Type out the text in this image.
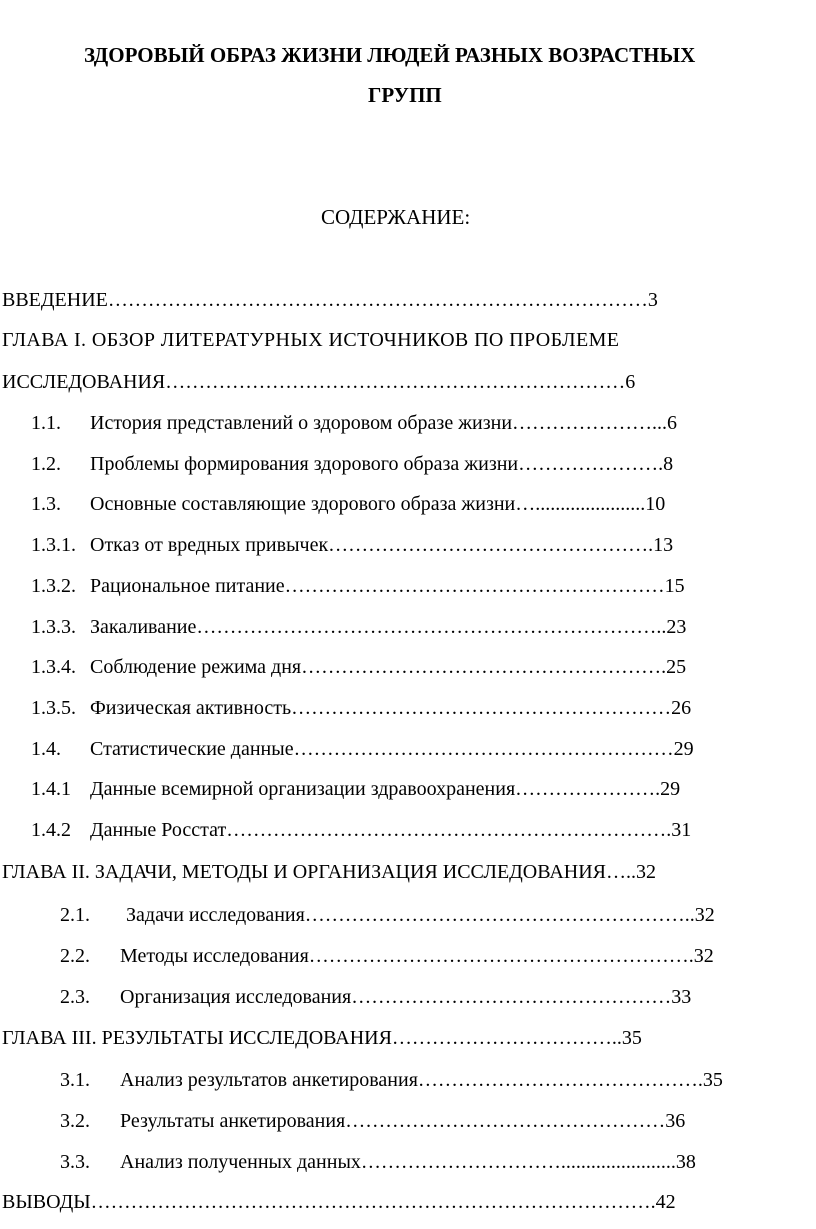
ЗДОРОВЫЙ ОБРАЗ ЖИЗНИ ЛЮДЕЙ РАЗНЫХ ВОЗРАСТНЫХ
ГРУПП
СОДЕРЖАНИЕ:
ВВЕДЕНИЕ………………………………………………………………………3
ГЛАВА I. ОБЗОР ЛИТЕРАТУРНЫХ ИСТОЧНИКОВ ПО ПРОБЛЕМЕ
ИССЛЕДОВАНИЯ……………………………………………………………6
1.1. История представлений о здоровом образе жизни…………………...6
1.2. Проблемы формирования здорового образа жизни………………….8
1.3. Основные составляющие здорового образа жизни…......................10
1.3.1. Отказ от вредных привычек………………………………………….13
1.3.2. Рациональное питание…………………………………………………15
1.3.3. Закаливание……………………………………………………………..23
1.3.4. Соблюдение режима дня……………………………………………….25
1.3.5. Физическая активность…………………………………………………26
1.4. Статистические данные…………………………………………………29
1.4.1 Данные всемирной организации здравоохранения………………….29
1.4.2 Данные Росстат………………………………………………………….31
ГЛАВА II. ЗАДАЧИ, МЕТОДЫ И ОРГАНИЗАЦИЯ ИССЛЕДОВАНИЯ…..32
2.1. Задачи исследования…………………………………………………..32
2.2. Методы исследования………………………………………………….32
2.3. Организация исследования…………………………………………33
ГЛАВА III. РЕЗУЛЬТАТЫ ИССЛЕДОВАНИЯ……………………………..35
3.1. Анализ результатов анкетирования…………………………………….35
3.2. Результаты анкетирования…………………………………………36
3.3. Анализ полученных данных………………………….......................38
ВЫВОДЫ………………………………………………………………………….42
